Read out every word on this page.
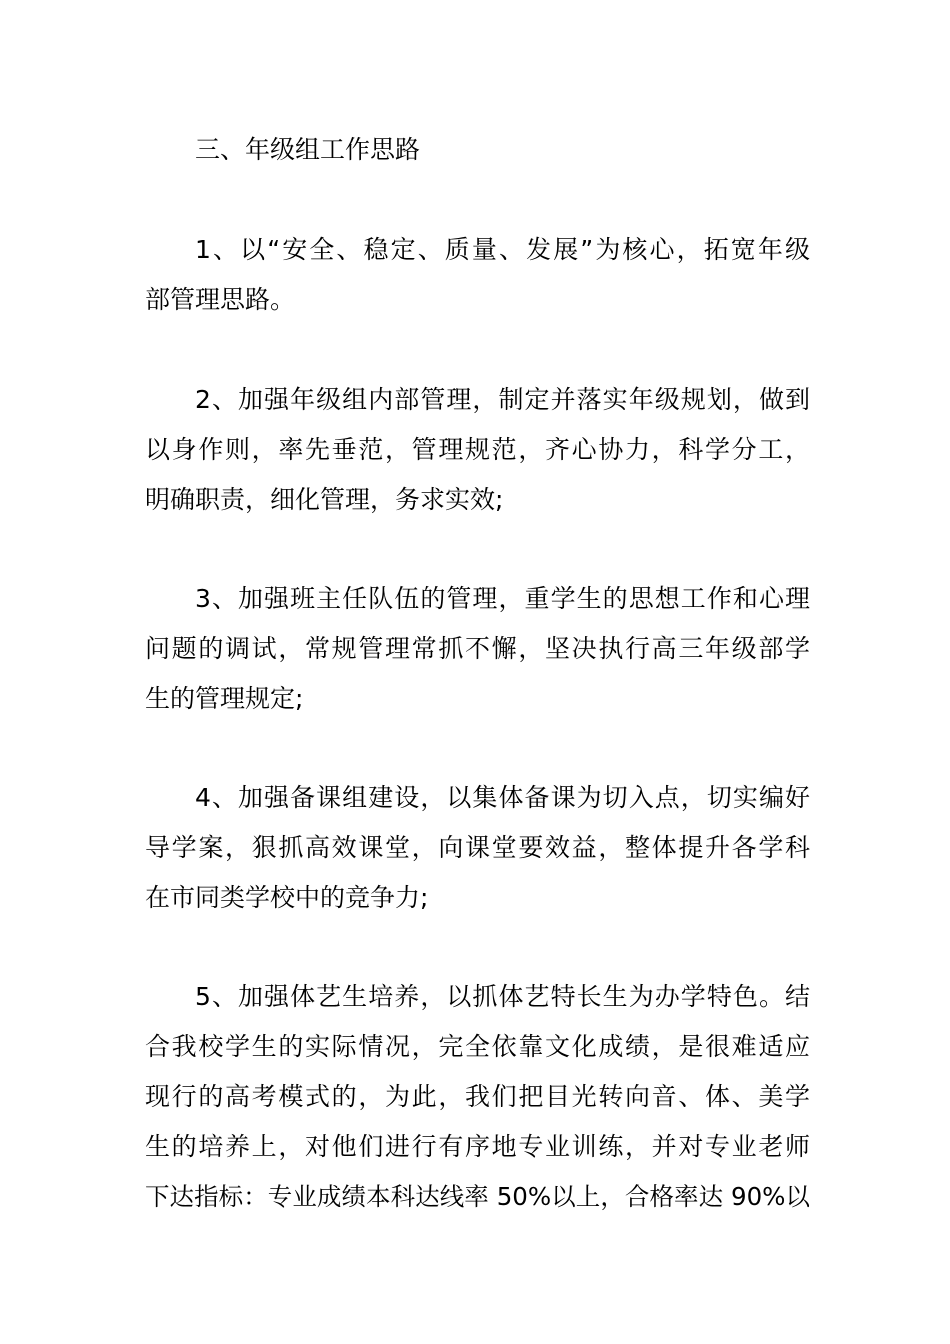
三、年级组工作思路
1、以“安全、稳定、质量、发展”为核心，拓宽年级
部管理思路。
2、加强年级组内部管理，制定并落实年级规划，做到
以身作则，率先垂范，管理规范，齐心协力，科学分工，
明确职责，细化管理，务求实效;
3、加强班主任队伍的管理，重学生的思想工作和心理
问题的调试，常规管理常抓不懈，坚决执行高三年级部学
生的管理规定;
4、加强备课组建设，以集体备课为切入点，切实编好
导学案，狠抓高效课堂，向课堂要效益，整体提升各学科
在市同类学校中的竞争力;
5、加强体艺生培养，以抓体艺特长生为办学特色。结
合我校学生的实际情况，完全依靠文化成绩，是很难适应
现行的高考模式的，为此，我们把目光转向音、体、美学
生的培养上，对他们进行有序地专业训练，并对专业老师
下达指标：专业成绩本科达线率 50%以上，合格率达 90%以
